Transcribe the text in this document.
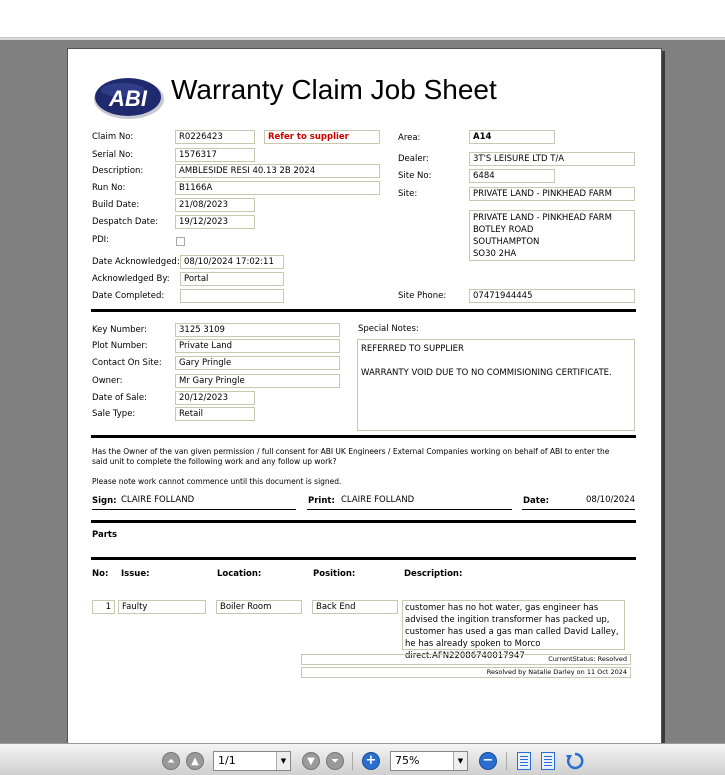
ABI Warranty Claim Job Sheet
Claim No:	R0226423	Refer to supplier
Serial No:	1576317
Description:	AMBLESIDE RESI 40.13 2B 2024
Run No:	B1166A
Build Date:	21/08/2023
Despatch Date:	19/12/2023
PDI:
Date Acknowledged: 08/10/2024 17:02:11
Acknowledged By:	Portal
Date Completed:
Area:	A14
Dealer:	3T'S LEISURE LTD T/A
Site No:	6484
Site:	PRIVATE LAND - PINKHEAD FARM
PRIVATE LAND - PINKHEAD FARM
BOTLEY ROAD
SOUTHAMPTON
SO30 2HA
Site Phone:	07471944445
Key Number:	3125 3109
Plot Number:	Private Land
Contact On Site:	Gary Pringle
Owner:	Mr Gary Pringle
Date of Sale:	20/12/2023
Sale Type:	Retail
Special Notes:
REFERRED TO SUPPLIER
WARRANTY VOID DUE TO NO COMMISIONING CERTIFICATE.
Has the Owner of the van given permission / full consent for ABI UK Engineers / External Companies working on behalf of ABI to enter the said unit to complete the following work and any follow up work?
Please note work cannot commence until this document is signed.
Sign: CLAIRE FOLLAND	Print: CLAIRE FOLLAND	Date:	08/10/2024
Parts
No: Issue:	Location:	Position:	Description:
1	Faulty	Boiler Room	Back End	customer has no hot water, gas engineer has advised the ingition transformer has packed up, customer has used a gas man called David Lalley, he has already spoken to Morco direct.AFN22086740017947	CurrentStatus: Resolved
Resolved by Natalie Darley on 11 Oct 2024
⏶	▲	1/1	▼	▼	⏷	+	75%	▼ −
